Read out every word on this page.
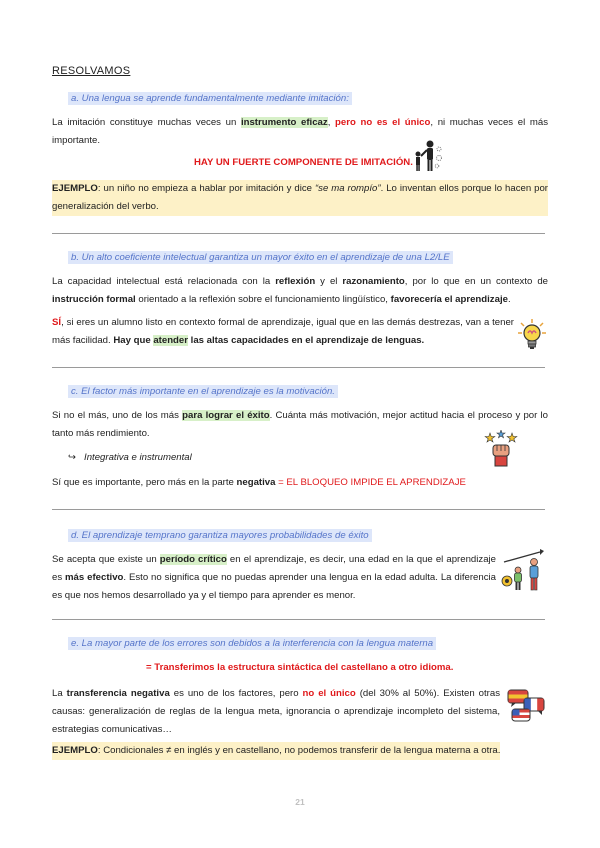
RESOLVAMOS
a. Una lengua se aprende fundamentalmente mediante imitación:
La imitación constituye muchas veces un instrumento eficaz, pero no es el único, ni muchas veces el más importante.
HAY UN FUERTE COMPONENTE DE IMITACIÓN.
EJEMPLO: un niño no empieza a hablar por imitación y dice “se ma rompío”. Lo inventan ellos porque lo hacen por generalización del verbo.
b. Un alto coeficiente intelectual garantiza un mayor éxito en el aprendizaje de una L2/LE
La capacidad intelectual está relacionada con la reflexión y el razonamiento, por lo que en un contexto de instrucción formal orientado a la reflexión sobre el funcionamiento lingüístico, favorecería el aprendizaje.
SÍ, si eres un alumno listo en contexto formal de aprendizaje, igual que en las demás destrezas, van a tener más facilidad. Hay que atender las altas capacidades en el aprendizaje de lenguas.
c. El factor más importante en el aprendizaje es la motivación.
Si no el más, uno de los más para lograr el éxito. Cuánta más motivación, mejor actitud hacia el proceso y por lo tanto más rendimiento.
↪ Integrativa e instrumental
Sí que es importante, pero más en la parte negativa = EL BLOQUEO IMPIDE EL APRENDIZAJE
d. El aprendizaje temprano garantiza mayores probabilidades de éxito
Se acepta que existe un período crítico en el aprendizaje, es decir, una edad en la que el aprendizaje es más efectivo. Esto no significa que no puedas aprender una lengua en la edad adulta. La diferencia es que nos hemos desarrollado ya y el tiempo para aprender es menor.
e. La mayor parte de los errores son debidos a la interferencia con la lengua materna
= Transferimos la estructura sintáctica del castellano a otro idioma.
La transferencia negativa es uno de los factores, pero no el único (del 30% al 50%). Existen otras causas: generalización de reglas de la lengua meta, ignorancia o aprendizaje incompleto del sistema, estrategias comunicativas…
EJEMPLO: Condicionales ≠ en inglés y en castellano, no podemos transferir de la lengua materna a otra.
21
